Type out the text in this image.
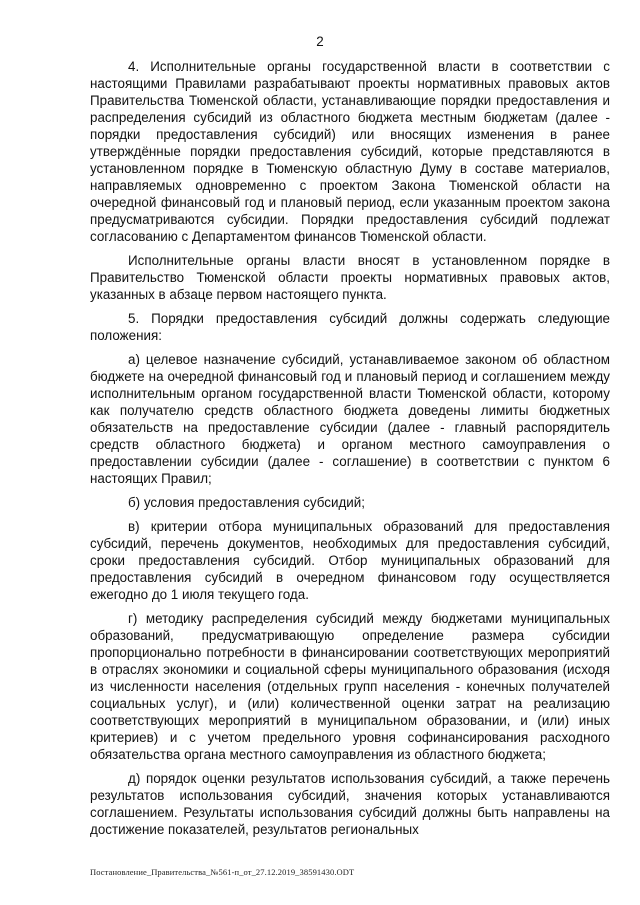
2

4. Исполнительные органы государственной власти в соответствии с настоящими Правилами разрабатывают проекты нормативных правовых актов Правительства Тюменской области, устанавливающие порядки предоставления и распределения субсидий из областного бюджета местным бюджетам (далее - порядки предоставления субсидий) или вносящих изменения в ранее утверждённые порядки предоставления субсидий, которые представляются в установленном порядке в Тюменскую областную Думу в составе материалов, направляемых одновременно с проектом Закона Тюменской области на очередной финансовый год и плановый период, если указанным проектом закона предусматриваются субсидии. Порядки предоставления субсидий подлежат согласованию с Департаментом финансов Тюменской области.

Исполнительные органы власти вносят в установленном порядке в Правительство Тюменской области проекты нормативных правовых актов, указанных в абзаце первом настоящего пункта.

5. Порядки предоставления субсидий должны содержать следующие положения:

а) целевое назначение субсидий, устанавливаемое законом об областном бюджете на очередной финансовый год и плановый период и соглашением между исполнительным органом государственной власти Тюменской области, которому как получателю средств областного бюджета доведены лимиты бюджетных обязательств на предоставление субсидии (далее - главный распорядитель средств областного бюджета) и органом местного самоуправления о предоставлении субсидии (далее - соглашение) в соответствии с пунктом 6 настоящих Правил;

б) условия предоставления субсидий;

в) критерии отбора муниципальных образований для предоставления субсидий, перечень документов, необходимых для предоставления субсидий, сроки предоставления субсидий. Отбор муниципальных образований для предоставления субсидий в очередном финансовом году осуществляется ежегодно до 1 июля текущего года.

г) методику распределения субсидий между бюджетами муниципальных образований, предусматривающую определение размера субсидии пропорционально потребности в финансировании соответствующих мероприятий в отраслях экономики и социальной сферы муниципального образования (исходя из численности населения (отдельных групп населения - конечных получателей социальных услуг), и (или) количественной оценки затрат на реализацию соответствующих мероприятий в муниципальном образовании, и (или) иных критериев) и с учетом предельного уровня софинансирования расходного обязательства органа местного самоуправления из областного бюджета;

д) порядок оценки результатов использования субсидий, а также перечень результатов использования субсидий, значения которых устанавливаются соглашением. Результаты использования субсидий должны быть направлены на достижение показателей, результатов региональных

Постановление_Правительства_№561-п_от_27.12.2019_38591430.ODT
